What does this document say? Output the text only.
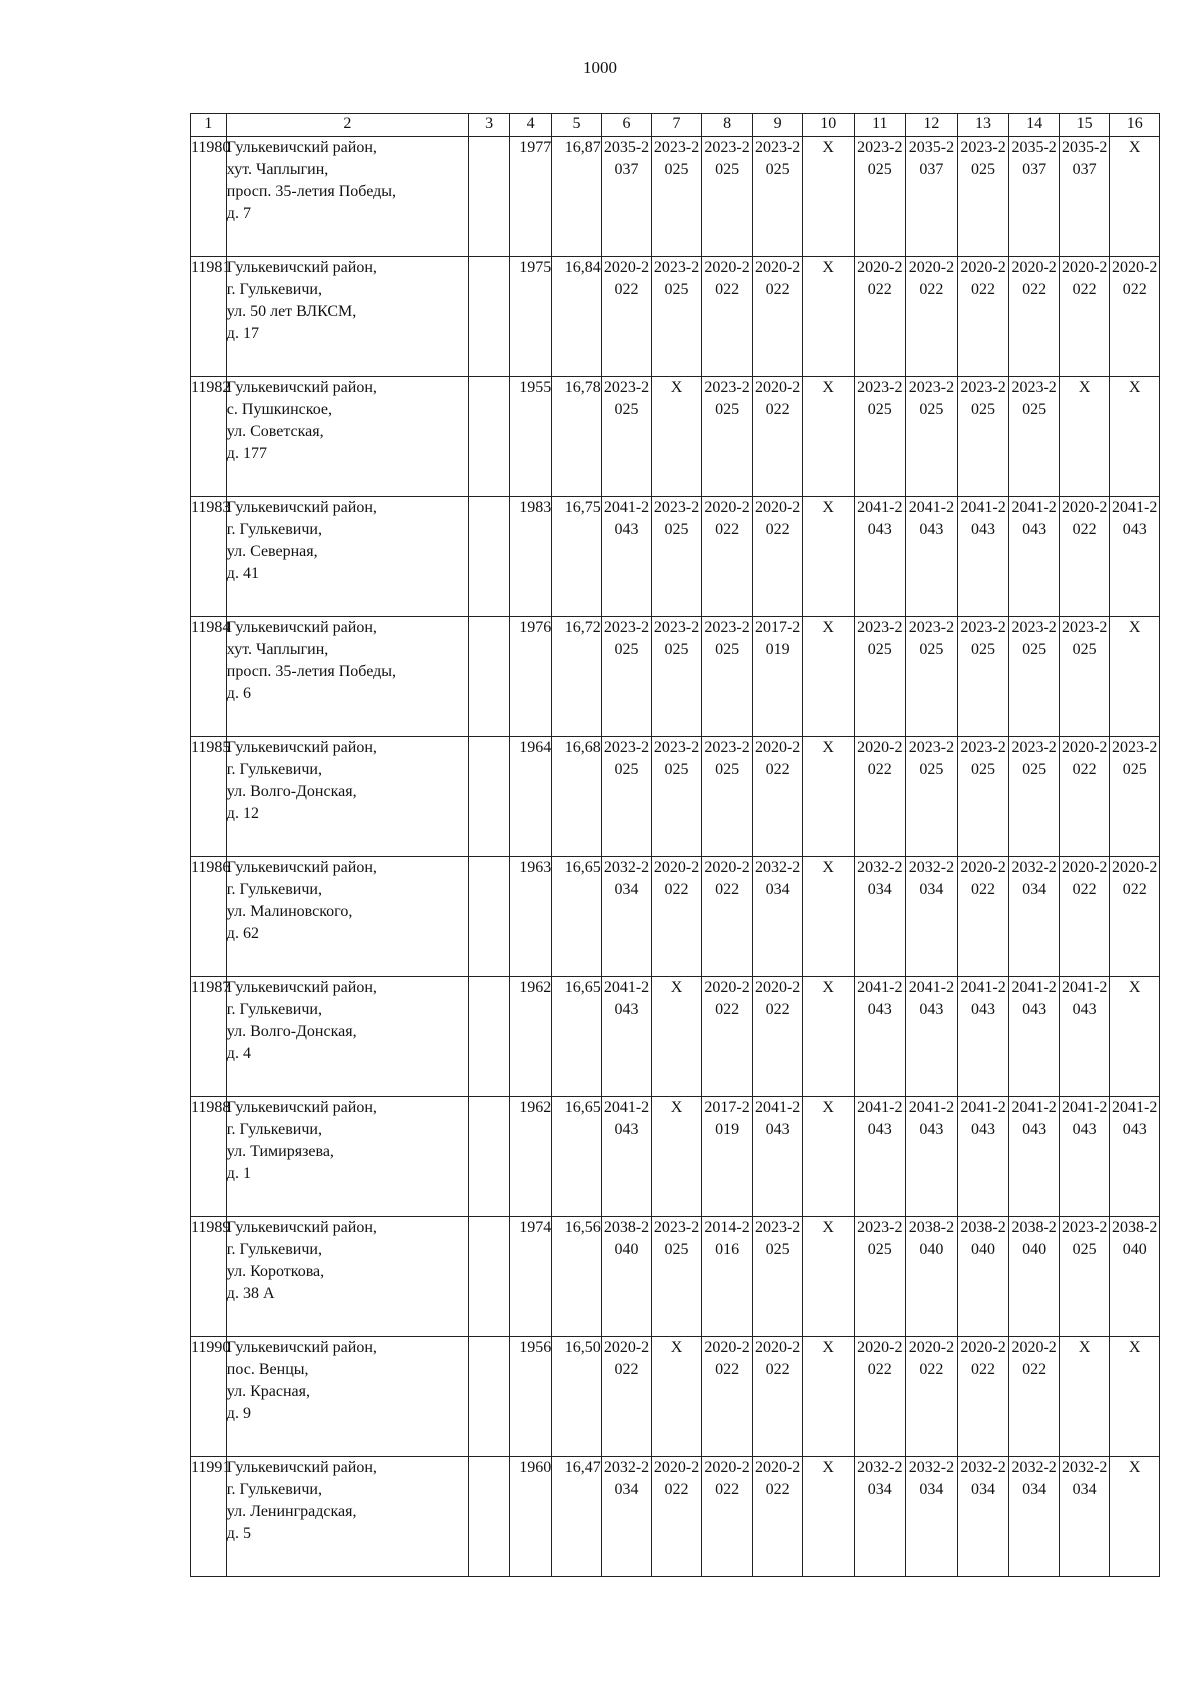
1000
1	2	3	4	5	6	7	8	9	10	11	12	13	14	15	16
11980	Гулькевичский район,
хут. Чаплыгин,
просп. 35-летия Победы,
д. 7		1977	16,87	2035-2037	2023-2025	2023-2025	2023-2025	X	2023-2025	2035-2037	2023-2025	2035-2037	2035-2037	X
11981	Гулькевичский район,
г. Гулькевичи,
ул. 50 лет ВЛКСМ,
д. 17		1975	16,84	2020-2022	2023-2025	2020-2022	2020-2022	X	2020-2022	2020-2022	2020-2022	2020-2022	2020-2022	2020-2022
11982	Гулькевичский район,
с. Пушкинское,
ул. Советская,
д. 177		1955	16,78	2023-2025	X	2023-2025	2020-2022	X	2023-2025	2023-2025	2023-2025	2023-2025	X	X
11983	Гулькевичский район,
г. Гулькевичи,
ул. Северная,
д. 41		1983	16,75	2041-2043	2023-2025	2020-2022	2020-2022	X	2041-2043	2041-2043	2041-2043	2041-2043	2020-2022	2041-2043
11984	Гулькевичский район,
хут. Чаплыгин,
просп. 35-летия Победы,
д. 6		1976	16,72	2023-2025	2023-2025	2023-2025	2017-2019	X	2023-2025	2023-2025	2023-2025	2023-2025	2023-2025	X
11985	Гулькевичский район,
г. Гулькевичи,
ул. Волго-Донская,
д. 12		1964	16,68	2023-2025	2023-2025	2023-2025	2020-2022	X	2020-2022	2023-2025	2023-2025	2023-2025	2020-2022	2023-2025
11986	Гулькевичский район,
г. Гулькевичи,
ул. Малиновского,
д. 62		1963	16,65	2032-2034	2020-2022	2020-2022	2032-2034	X	2032-2034	2032-2034	2020-2022	2032-2034	2020-2022	2020-2022
11987	Гулькевичский район,
г. Гулькевичи,
ул. Волго-Донская,
д. 4		1962	16,65	2041-2043	X	2020-2022	2020-2022	X	2041-2043	2041-2043	2041-2043	2041-2043	2041-2043	X
11988	Гулькевичский район,
г. Гулькевичи,
ул. Тимирязева,
д. 1		1962	16,65	2041-2043	X	2017-2019	2041-2043	X	2041-2043	2041-2043	2041-2043	2041-2043	2041-2043	2041-2043
11989	Гулькевичский район,
г. Гулькевичи,
ул. Короткова,
д. 38 А		1974	16,56	2038-2040	2023-2025	2014-2016	2023-2025	X	2023-2025	2038-2040	2038-2040	2038-2040	2023-2025	2038-2040
11990	Гулькевичский район,
пос. Венцы,
ул. Красная,
д. 9		1956	16,50	2020-2022	X	2020-2022	2020-2022	X	2020-2022	2020-2022	2020-2022	2020-2022	X	X
11991	Гулькевичский район,
г. Гулькевичи,
ул. Ленинградская,
д. 5		1960	16,47	2032-2034	2020-2022	2020-2022	2020-2022	X	2032-2034	2032-2034	2032-2034	2032-2034	2032-2034	X
